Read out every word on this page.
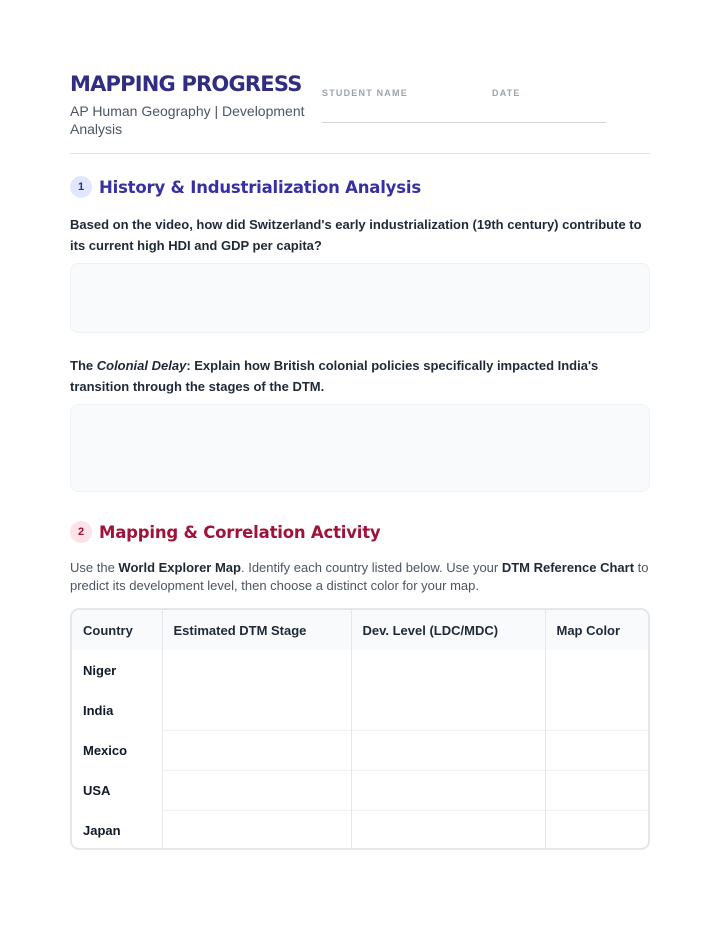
MAPPING PROGRESS
AP Human Geography | Development Analysis
STUDENT NAME	DATE
1 History & Industrialization Analysis
Based on the video, how did Switzerland's early industrialization (19th century) contribute to its current high HDI and GDP per capita?
The Colonial Delay: Explain how British colonial policies specifically impacted India's transition through the stages of the DTM.
2 Mapping & Correlation Activity
Use the World Explorer Map. Identify each country listed below. Use your DTM Reference Chart to predict its development level, then choose a distinct color for your map.
Country	Estimated DTM Stage	Dev. Level (LDC/MDC)	Map Color
Niger			
India			
Mexico			
USA			
Japan			
